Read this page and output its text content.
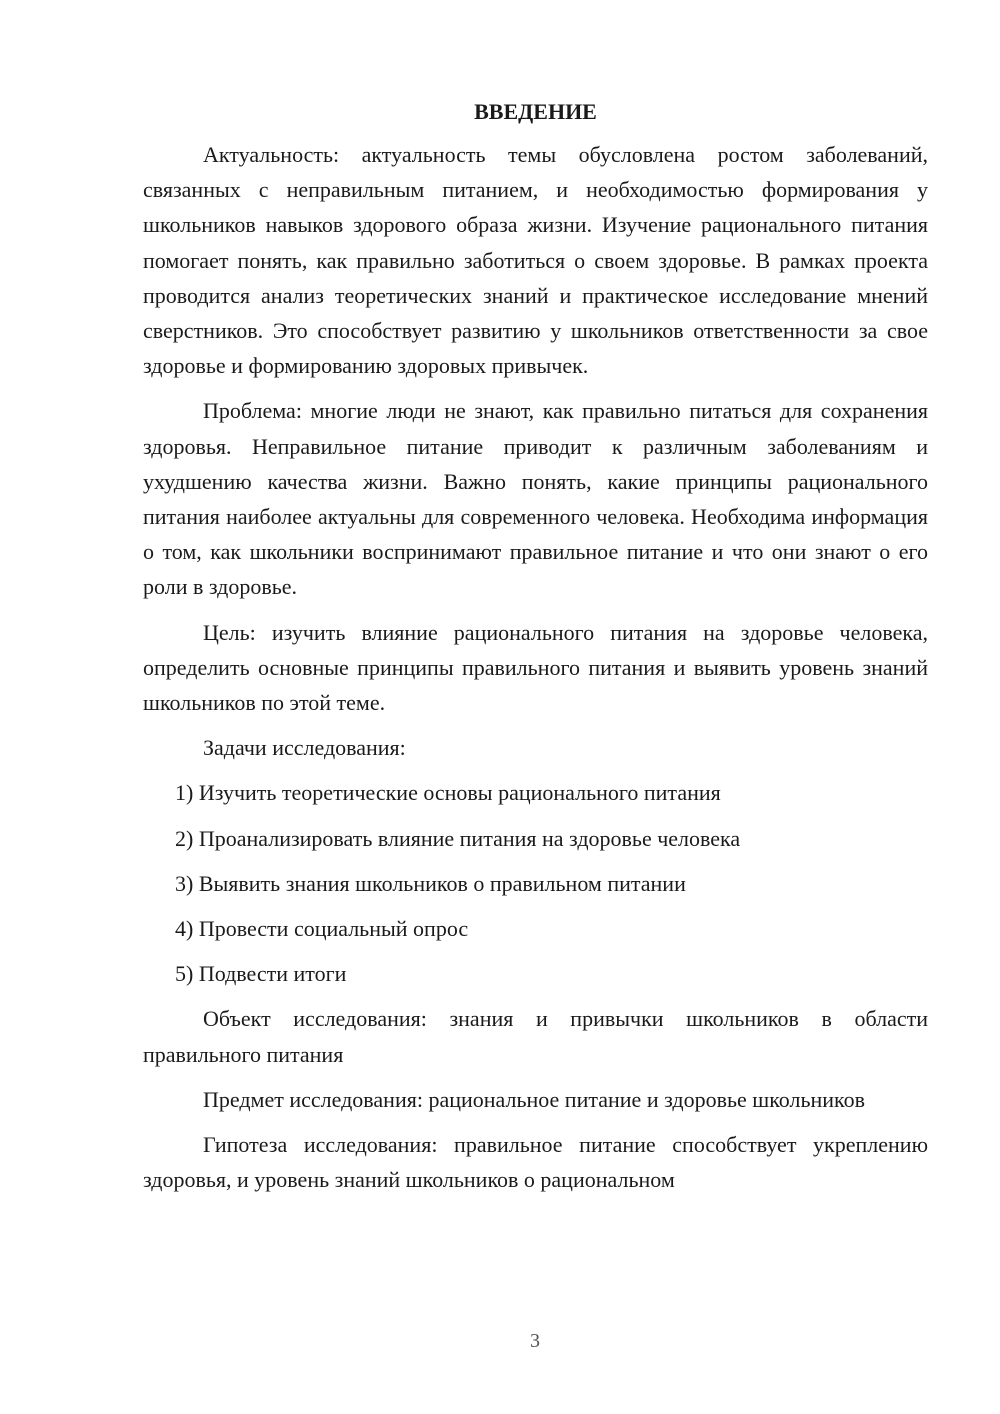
ВВЕДЕНИЕ

Актуальность: актуальность темы обусловлена ростом заболеваний, связанных с неправильным питанием, и необходимостью формирования у школьников навыков здорового образа жизни. Изучение рационального питания помогает понять, как правильно заботиться о своем здоровье. В рамках проекта проводится анализ теоретических знаний и практическое исследование мнений сверстников. Это способствует развитию у школьников ответственности за свое здоровье и формированию здоровых привычек.

Проблема: многие люди не знают, как правильно питаться для сохранения здоровья. Неправильное питание приводит к различным заболеваниям и ухудшению качества жизни. Важно понять, какие принципы рационального питания наиболее актуальны для современного человека. Необходима информация о том, как школьники воспринимают правильное питание и что они знают о его роли в здоровье.

Цель: изучить влияние рационального питания на здоровье человека, определить основные принципы правильного питания и выявить уровень знаний школьников по этой теме.

Задачи исследования:

1) Изучить теоретические основы рационального питания
2) Проанализировать влияние питания на здоровье человека
3) Выявить знания школьников о правильном питании
4) Провести социальный опрос
5) Подвести итоги

Объект исследования: знания и привычки школьников в области правильного питания

Предмет исследования: рациональное питание и здоровье школьников

Гипотеза исследования: правильное питание способствует укреплению здоровья, и уровень знаний школьников о рациональном

3
